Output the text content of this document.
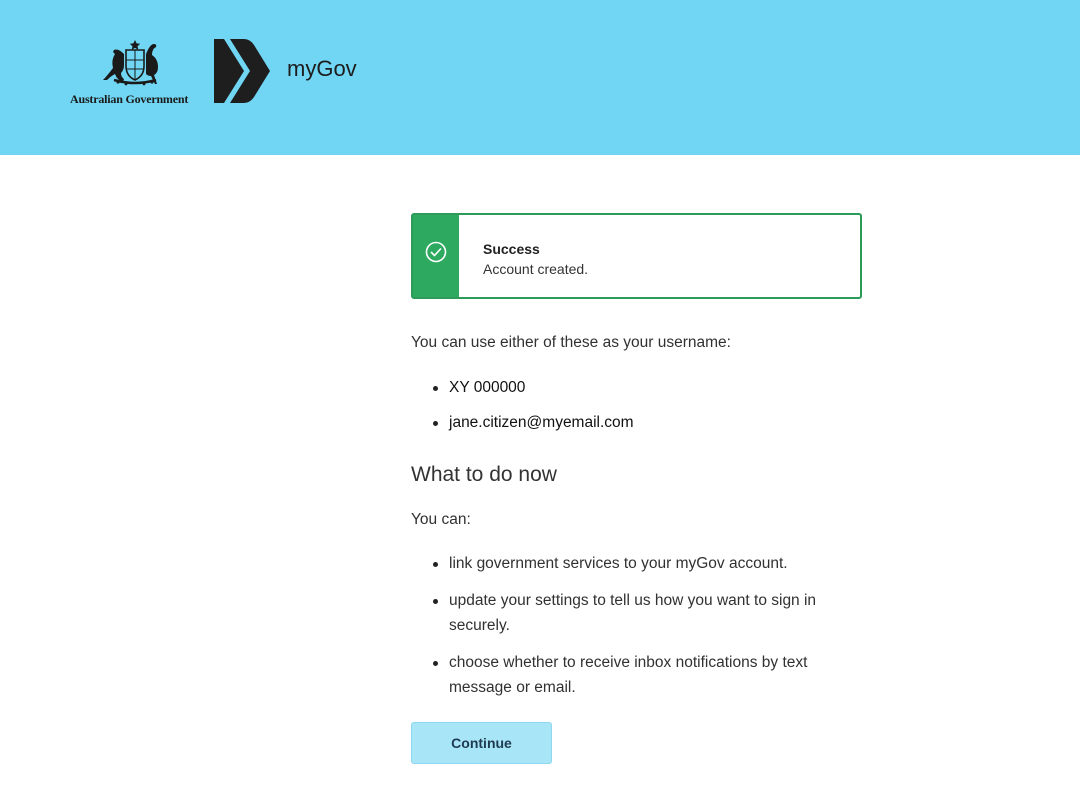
Australian Government
myGov
Success
Account created.

You can use either of these as your username:

XY 000000
jane.citizen@myemail.com
What to do now

You can:

link government services to your myGov account.
update your settings to tell us how you want to sign in securely.
choose whether to receive inbox notifications by text message or email.
Continue
